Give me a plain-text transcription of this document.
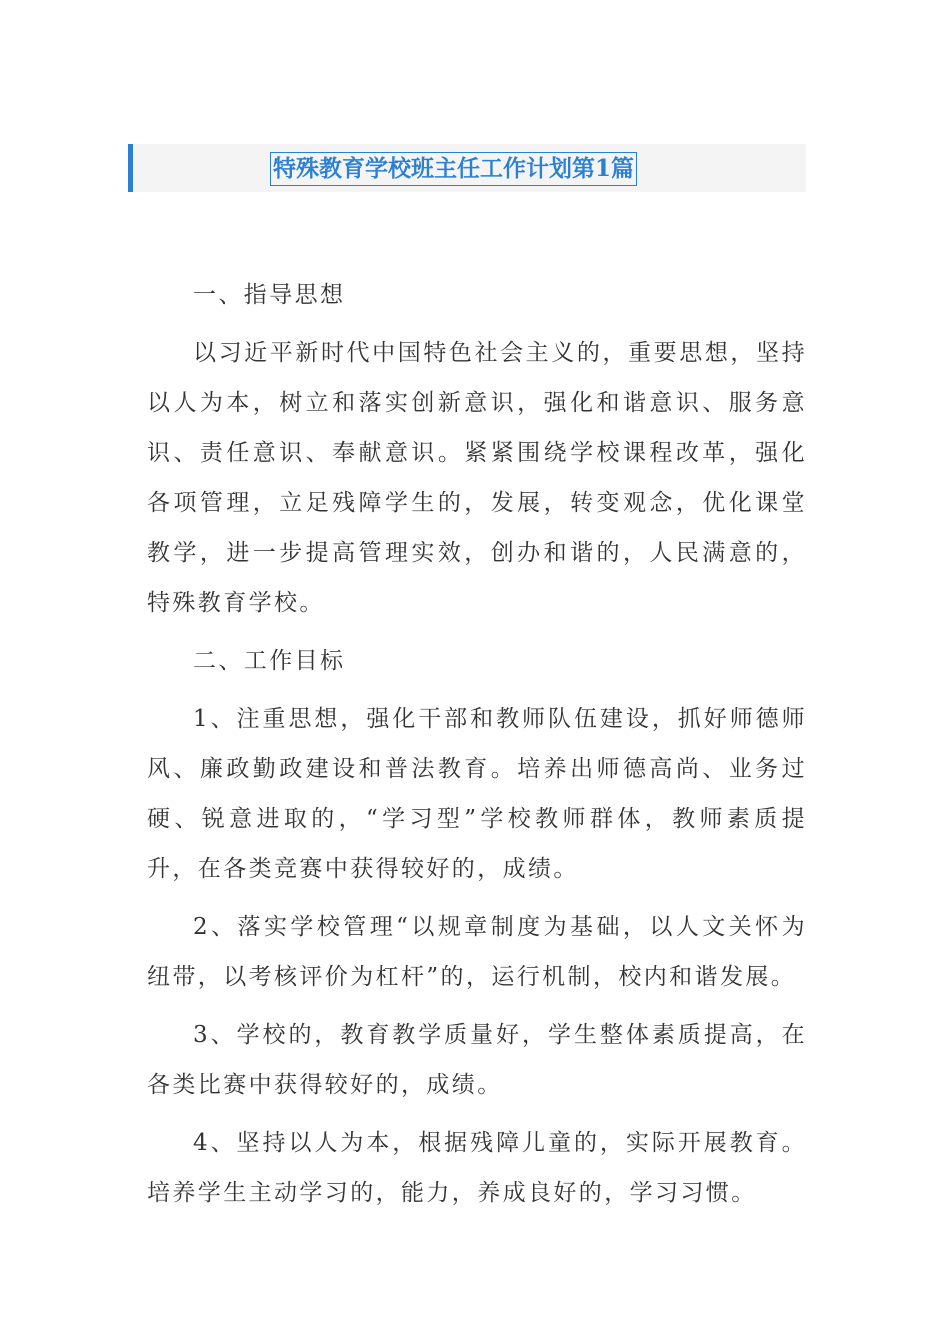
特殊教育学校班主任工作计划第1篇

一、指导思想

以习近平新时代中国特色社会主义的，重要思想，坚持以人为本，树立和落实创新意识，强化和谐意识、服务意识、责任意识、奉献意识。紧紧围绕学校课程改革，强化各项管理，立足残障学生的，发展，转变观念，优化课堂教学，进一步提高管理实效，创办和谐的，人民满意的，特殊教育学校。

二、工作目标

1、注重思想，强化干部和教师队伍建设，抓好师德师风、廉政勤政建设和普法教育。培养出师德高尚、业务过硬、锐意进取的，“学习型”学校教师群体，教师素质提升，在各类竞赛中获得较好的，成绩。

2、落实学校管理“以规章制度为基础，以人文关怀为纽带，以考核评价为杠杆”的，运行机制，校内和谐发展。

3、学校的，教育教学质量好，学生整体素质提高，在各类比赛中获得较好的，成绩。

4、坚持以人为本，根据残障儿童的，实际开展教育。培养学生主动学习的，能力，养成良好的，学习习惯。
